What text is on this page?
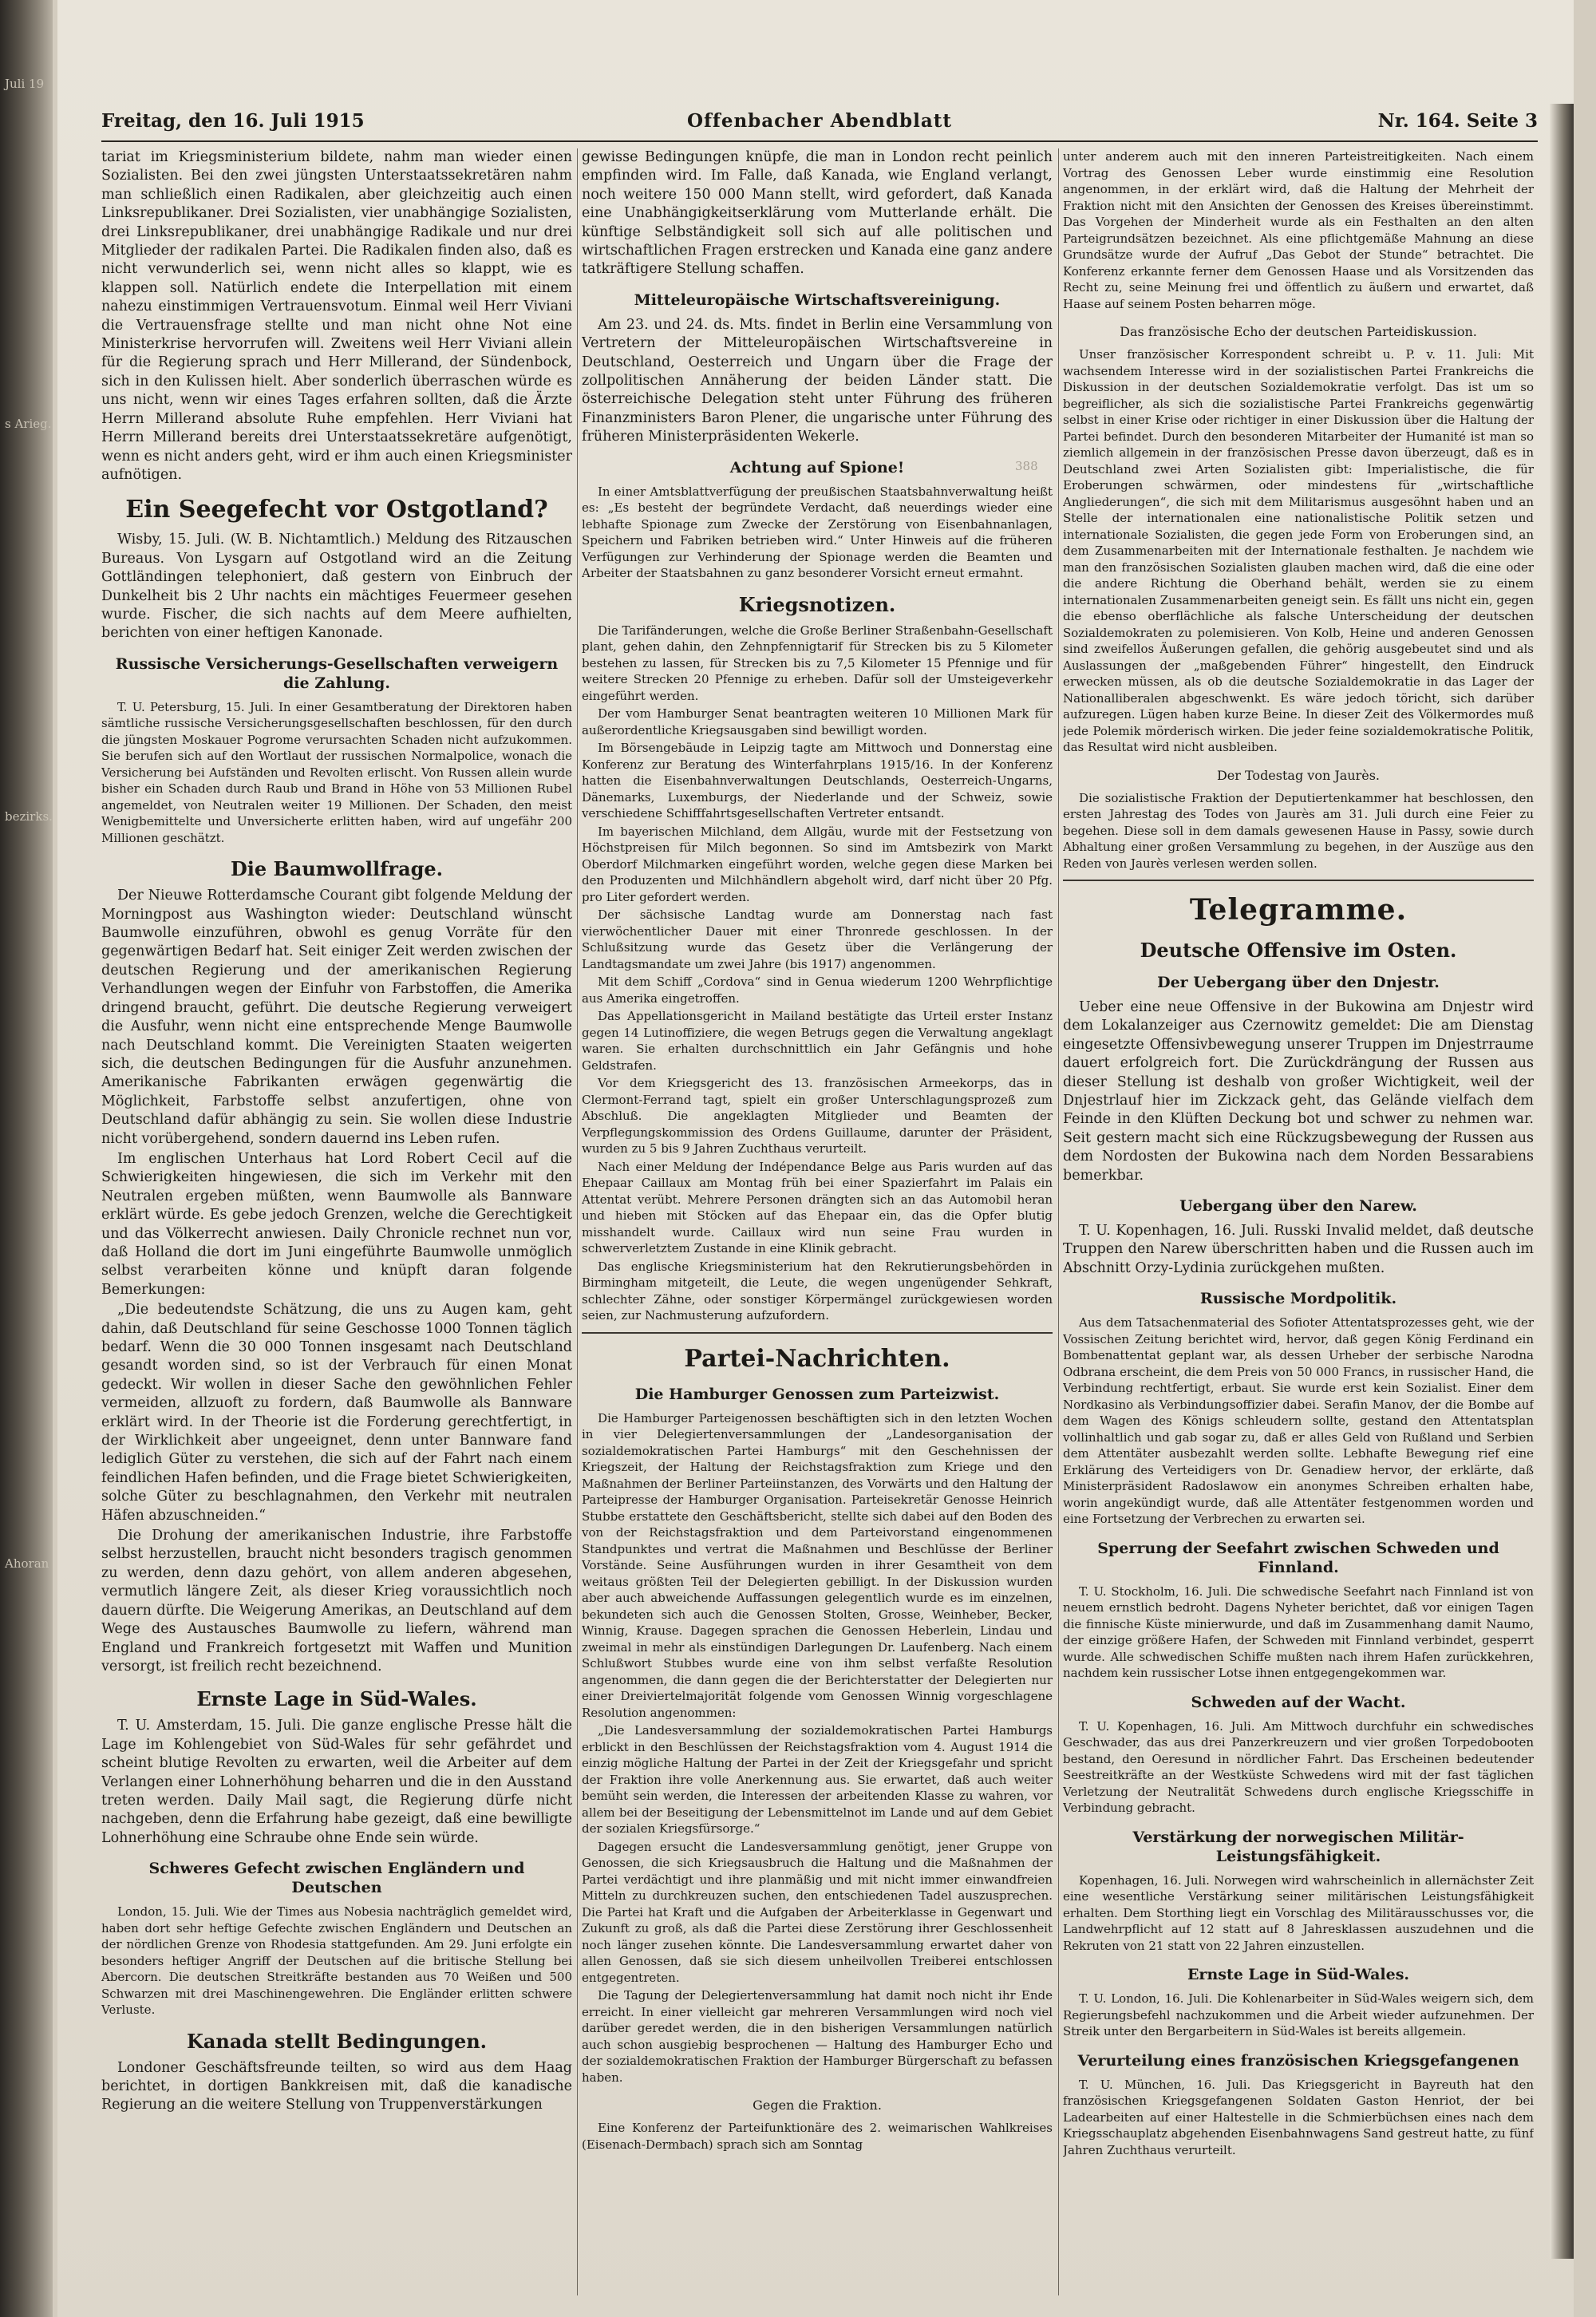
Juli 19
s Arieg.
bezirks.
Ahoran
Freitag, den 16. Juli 1915	Offenbacher Abendblatt	Nr. 164. Seite 3
388

tariat im Kriegsministerium bildete, nahm man wieder einen Sozialisten. Bei den zwei jüngsten Unterstaatssekretären nahm man schließlich einen Radikalen, aber gleichzeitig auch einen Linksrepublikaner. Drei Sozialisten, vier unabhängige Sozialisten, drei Linksrepublikaner, drei unabhängige Radikale und nur drei Mitglieder der radikalen Partei. Die Radikalen finden also, daß es nicht verwunderlich sei, wenn nicht alles so klappt, wie es klappen soll. Natürlich endete die Interpellation mit einem nahezu einstimmigen Vertrauensvotum. Einmal weil Herr Viviani die Vertrauensfrage stellte und man nicht ohne Not eine Ministerkrise hervorrufen will. Zweitens weil Herr Viviani allein für die Regierung sprach und Herr Millerand, der Sündenbock, sich in den Kulissen hielt. Aber sonderlich überraschen würde es uns nicht, wenn wir eines Tages erfahren sollten, daß die Ärzte Herrn Millerand absolute Ruhe empfehlen. Herr Viviani hat Herrn Millerand bereits drei Unterstaatssekretäre aufgenötigt, wenn es nicht anders geht, wird er ihm auch einen Kriegsminister aufnötigen.

Ein Seegefecht vor Ostgotland?

Wisby, 15. Juli. (W. B. Nichtamtlich.) Meldung des Ritzauschen Bureaus. Von Lysgarn auf Ostgotland wird an die Zeitung Gottländingen telephoniert, daß gestern von Einbruch der Dunkelheit bis 2 Uhr nachts ein mächtiges Feuermeer gesehen wurde. Fischer, die sich nachts auf dem Meere aufhielten, berichten von einer heftigen Kanonade.

Russische Versicherungs-Gesellschaften verweigern die Zahlung.

T. U. Petersburg, 15. Juli. In einer Gesamtberatung der Direktoren haben sämtliche russische Versicherungsgesellschaften beschlossen, für den durch die jüngsten Moskauer Pogrome verursachten Schaden nicht aufzukommen. Sie berufen sich auf den Wortlaut der russischen Normalpolice, wonach die Versicherung bei Aufständen und Revolten erlischt. Von Russen allein wurde bisher ein Schaden durch Raub und Brand in Höhe von 53 Millionen Rubel angemeldet, von Neutralen weiter 19 Millionen. Der Schaden, den meist Wenigbemittelte und Unversicherte erlitten haben, wird auf ungefähr 200 Millionen geschätzt.

Die Baumwollfrage.

Der Nieuwe Rotterdamsche Courant gibt folgende Meldung der Morningpost aus Washington wieder: Deutschland wünscht Baumwolle einzuführen, obwohl es genug Vorräte für den gegenwärtigen Bedarf hat. Seit einiger Zeit werden zwischen der deutschen Regierung und der amerikanischen Regierung Verhandlungen wegen der Einfuhr von Farbstoffen, die Amerika dringend braucht, geführt. Die deutsche Regierung verweigert die Ausfuhr, wenn nicht eine entsprechende Menge Baumwolle nach Deutschland kommt. Die Vereinigten Staaten weigerten sich, die deutschen Bedingungen für die Ausfuhr anzunehmen. Amerikanische Fabrikanten erwägen gegenwärtig die Möglichkeit, Farbstoffe selbst anzufertigen, ohne von Deutschland dafür abhängig zu sein. Sie wollen diese Industrie nicht vorübergehend, sondern dauernd ins Leben rufen.

Im englischen Unterhaus hat Lord Robert Cecil auf die Schwierigkeiten hingewiesen, die sich im Verkehr mit den Neutralen ergeben müßten, wenn Baumwolle als Bannware erklärt würde. Es gebe jedoch Grenzen, welche die Gerechtigkeit und das Völkerrecht anwiesen. Daily Chronicle rechnet nun vor, daß Holland die dort im Juni eingeführte Baumwolle unmöglich selbst verarbeiten könne und knüpft daran folgende Bemerkungen:

„Die bedeutendste Schätzung, die uns zu Augen kam, geht dahin, daß Deutschland für seine Geschosse 1000 Tonnen täglich bedarf. Wenn die 30 000 Tonnen insgesamt nach Deutschland gesandt worden sind, so ist der Verbrauch für einen Monat gedeckt. Wir wollen in dieser Sache den gewöhnlichen Fehler vermeiden, allzuoft zu fordern, daß Baumwolle als Bannware erklärt wird. In der Theorie ist die Forderung gerechtfertigt, in der Wirklichkeit aber ungeeignet, denn unter Bannware fand lediglich Güter zu verstehen, die sich auf der Fahrt nach einem feindlichen Hafen befinden, und die Frage bietet Schwierigkeiten, solche Güter zu beschlagnahmen, den Verkehr mit neutralen Häfen abzuschneiden.“

Die Drohung der amerikanischen Industrie, ihre Farbstoffe selbst herzustellen, braucht nicht besonders tragisch genommen zu werden, denn dazu gehört, von allem anderen abgesehen, vermutlich längere Zeit, als dieser Krieg voraussichtlich noch dauern dürfte. Die Weigerung Amerikas, an Deutschland auf dem Wege des Austausches Baumwolle zu liefern, während man England und Frankreich fortgesetzt mit Waffen und Munition versorgt, ist freilich recht bezeichnend.

Ernste Lage in Süd-Wales.

T. U. Amsterdam, 15. Juli. Die ganze englische Presse hält die Lage im Kohlengebiet von Süd-Wales für sehr gefährdet und scheint blutige Revolten zu erwarten, weil die Arbeiter auf dem Verlangen einer Lohnerhöhung beharren und die in den Ausstand treten werden. Daily Mail sagt, die Regierung dürfe nicht nachgeben, denn die Erfahrung habe gezeigt, daß eine bewilligte Lohnerhöhung eine Schraube ohne Ende sein würde.

Schweres Gefecht zwischen Engländern und Deutschen

London, 15. Juli. Wie der Times aus Nobesia nachträglich gemeldet wird, haben dort sehr heftige Gefechte zwischen Engländern und Deutschen an der nördlichen Grenze von Rhodesia stattgefunden. Am 29. Juni erfolgte ein besonders heftiger Angriff der Deutschen auf die britische Stellung bei Abercorn. Die deutschen Streitkräfte bestanden aus 70 Weißen und 500 Schwarzen mit drei Maschinengewehren. Die Engländer erlitten schwere Verluste.

Kanada stellt Bedingungen.

Londoner Geschäftsfreunde teilten, so wird aus dem Haag berichtet, in dortigen Bankkreisen mit, daß die kanadische Regierung an die weitere Stellung von Truppenverstärkungen

gewisse Bedingungen knüpfe, die man in London recht peinlich empfinden wird. Im Falle, daß Kanada, wie England verlangt, noch weitere 150 000 Mann stellt, wird gefordert, daß Kanada eine Unabhängigkeitserklärung vom Mutterlande erhält. Die künftige Selbständigkeit soll sich auf alle politischen und wirtschaftlichen Fragen erstrecken und Kanada eine ganz andere tatkräftigere Stellung schaffen.

Mitteleuropäische Wirtschaftsvereinigung.

Am 23. und 24. ds. Mts. findet in Berlin eine Versammlung von Vertretern der Mitteleuropäischen Wirtschaftsvereine in Deutschland, Oesterreich und Ungarn über die Frage der zollpolitischen Annäherung der beiden Länder statt. Die österreichische Delegation steht unter Führung des früheren Finanzministers Baron Plener, die ungarische unter Führung des früheren Ministerpräsidenten Wekerle.

Achtung auf Spione!

In einer Amtsblattverfügung der preußischen Staatsbahnverwaltung heißt es: „Es besteht der begründete Verdacht, daß neuerdings wieder eine lebhafte Spionage zum Zwecke der Zerstörung von Eisenbahnanlagen, Speichern und Fabriken betrieben wird.“ Unter Hinweis auf die früheren Verfügungen zur Verhinderung der Spionage werden die Beamten und Arbeiter der Staatsbahnen zu ganz besonderer Vorsicht erneut ermahnt.

Kriegsnotizen.

Die Tarifänderungen, welche die Große Berliner Straßenbahn-Gesellschaft plant, gehen dahin, den Zehnpfennigtarif für Strecken bis zu 5 Kilometer bestehen zu lassen, für Strecken bis zu 7,5 Kilometer 15 Pfennige und für weitere Strecken 20 Pfennige zu erheben. Dafür soll der Umsteigeverkehr eingeführt werden.

Der vom Hamburger Senat beantragten weiteren 10 Millionen Mark für außerordentliche Kriegsausgaben sind bewilligt worden.

Im Börsengebäude in Leipzig tagte am Mittwoch und Donnerstag eine Konferenz zur Beratung des Winterfahrplans 1915/16. In der Konferenz hatten die Eisenbahnverwaltungen Deutschlands, Oesterreich-Ungarns, Dänemarks, Luxemburgs, der Niederlande und der Schweiz, sowie verschiedene Schifffahrtsgesellschaften Vertreter entsandt.

Im bayerischen Milchland, dem Allgäu, wurde mit der Festsetzung von Höchstpreisen für Milch begonnen. So sind im Amtsbezirk von Markt Oberdorf Milchmarken eingeführt worden, welche gegen diese Marken bei den Produzenten und Milchhändlern abgeholt wird, darf nicht über 20 Pfg. pro Liter gefordert werden.

Der sächsische Landtag wurde am Donnerstag nach fast vierwöchentlicher Dauer mit einer Thronrede geschlossen. In der Schlußsitzung wurde das Gesetz über die Verlängerung der Landtagsmandate um zwei Jahre (bis 1917) angenommen.

Mit dem Schiff „Cordova“ sind in Genua wiederum 1200 Wehrpflichtige aus Amerika eingetroffen.

Das Appellationsgericht in Mailand bestätigte das Urteil erster Instanz gegen 14 Lutinoffiziere, die wegen Betrugs gegen die Verwaltung angeklagt waren. Sie erhalten durchschnittlich ein Jahr Gefängnis und hohe Geldstrafen.

Vor dem Kriegsgericht des 13. französischen Armeekorps, das in Clermont-Ferrand tagt, spielt ein großer Unterschlagungsprozeß zum Abschluß. Die angeklagten Mitglieder und Beamten der Verpflegungskommission des Ordens Guillaume, darunter der Präsident, wurden zu 5 bis 9 Jahren Zuchthaus verurteilt.

Nach einer Meldung der Indépendance Belge aus Paris wurden auf das Ehepaar Caillaux am Montag früh bei einer Spazierfahrt im Palais ein Attentat verübt. Mehrere Personen drängten sich an das Automobil heran und hieben mit Stöcken auf das Ehepaar ein, das die Opfer blutig misshandelt wurde. Caillaux wird nun seine Frau wurden in schwerverletztem Zustande in eine Klinik gebracht.

Das englische Kriegsministerium hat den Rekrutierungsbehörden in Birmingham mitgeteilt, die Leute, die wegen ungenügender Sehkraft, schlechter Zähne, oder sonstiger Körpermängel zurückgewiesen worden seien, zur Nachmusterung aufzufordern.

Partei-Nachrichten.
Die Hamburger Genossen zum Parteizwist.

Die Hamburger Parteigenossen beschäftigten sich in den letzten Wochen in vier Delegiertenversammlungen der „Landesorganisation der sozialdemokratischen Partei Hamburgs“ mit den Geschehnissen der Kriegszeit, der Haltung der Reichstagsfraktion zum Kriege und den Maßnahmen der Berliner Parteiinstanzen, des Vorwärts und den Haltung der Parteipresse der Hamburger Organisation. Parteisekretär Genosse Heinrich Stubbe erstattete den Geschäftsbericht, stellte sich dabei auf den Boden des von der Reichstagsfraktion und dem Parteivorstand eingenommenen Standpunktes und vertrat die Maßnahmen und Beschlüsse der Berliner Vorstände. Seine Ausführungen wurden in ihrer Gesamtheit von dem weitaus größten Teil der Delegierten gebilligt. In der Diskussion wurden aber auch abweichende Auffassungen gelegentlich wurde es im einzelnen, bekundeten sich auch die Genossen Stolten, Grosse, Weinheber, Becker, Winnig, Krause. Dagegen sprachen die Genossen Heberlein, Lindau und zweimal in mehr als einstündigen Darlegungen Dr. Laufenberg. Nach einem Schlußwort Stubbes wurde eine von ihm selbst verfaßte Resolution angenommen, die dann gegen die der Berichterstatter der Delegierten nur einer Dreiviertelmajorität folgende vom Genossen Winnig vorgeschlagene Resolution angenommen:

„Die Landesversammlung der sozialdemokratischen Partei Hamburgs erblickt in den Beschlüssen der Reichstagsfraktion vom 4. August 1914 die einzig mögliche Haltung der Partei in der Zeit der Kriegsgefahr und spricht der Fraktion ihre volle Anerkennung aus. Sie erwartet, daß auch weiter bemüht sein werden, die Interessen der arbeitenden Klasse zu wahren, vor allem bei der Beseitigung der Lebensmittelnot im Lande und auf dem Gebiet der sozialen Kriegsfürsorge.“

Dagegen ersucht die Landesversammlung genötigt, jener Gruppe von Genossen, die sich Kriegsausbruch die Haltung und die Maßnahmen der Partei verdächtigt und ihre planmäßig und mit nicht immer einwandfreien Mitteln zu durchkreuzen suchen, den entschiedenen Tadel auszusprechen. Die Partei hat Kraft und die Aufgaben der Arbeiterklasse in Gegenwart und Zukunft zu groß, als daß die Partei diese Zerstörung ihrer Geschlossenheit noch länger zusehen könnte. Die Landesversammlung erwartet daher von allen Genossen, daß sie sich diesem unheilvollen Treiberei entschlossen entgegentreten.

Die Tagung der Delegiertenversammlung hat damit noch nicht ihr Ende erreicht. In einer vielleicht gar mehreren Versammlungen wird noch viel darüber geredet werden, die in den bisherigen Versammlungen natürlich auch schon ausgiebig besprochenen — Haltung des Hamburger Echo und der sozialdemokratischen Fraktion der Hamburger Bürgerschaft zu befassen haben.

Gegen die Fraktion.

Eine Konferenz der Parteifunktionäre des 2. weimarischen Wahlkreises (Eisenach-Dermbach) sprach sich am Sonntag

unter anderem auch mit den inneren Parteistreitigkeiten. Nach einem Vortrag des Genossen Leber wurde einstimmig eine Resolution angenommen, in der erklärt wird, daß die Haltung der Mehrheit der Fraktion nicht mit den Ansichten der Genossen des Kreises übereinstimmt. Das Vorgehen der Minderheit wurde als ein Festhalten an den alten Parteigrundsätzen bezeichnet. Als eine pflichtgemäße Mahnung an diese Grundsätze wurde der Aufruf „Das Gebot der Stunde“ betrachtet. Die Konferenz erkannte ferner dem Genossen Haase und als Vorsitzenden das Recht zu, seine Meinung frei und öffentlich zu äußern und erwartet, daß Haase auf seinem Posten beharren möge.

Das französische Echo der deutschen Parteidiskussion.

Unser französischer Korrespondent schreibt u. P. v. 11. Juli: Mit wachsendem Interesse wird in der sozialistischen Partei Frankreichs die Diskussion in der deutschen Sozialdemokratie verfolgt. Das ist um so begreiflicher, als sich die sozialistische Partei Frankreichs gegenwärtig selbst in einer Krise oder richtiger in einer Diskussion über die Haltung der Partei befindet. Durch den besonderen Mitarbeiter der Humanité ist man so ziemlich allgemein in der französischen Presse davon überzeugt, daß es in Deutschland zwei Arten Sozialisten gibt: Imperialistische, die für Eroberungen schwärmen, oder mindestens für „wirtschaftliche Angliederungen“, die sich mit dem Militarismus ausgesöhnt haben und an Stelle der internationalen eine nationalistische Politik setzen und internationale Sozialisten, die gegen jede Form von Eroberungen sind, an dem Zusammenarbeiten mit der Internationale festhalten. Je nachdem wie man den französischen Sozialisten glauben machen wird, daß die eine oder die andere Richtung die Oberhand behält, werden sie zu einem internationalen Zusammenarbeiten geneigt sein. Es fällt uns nicht ein, gegen die ebenso oberflächliche als falsche Unterscheidung der deutschen Sozialdemokraten zu polemisieren. Von Kolb, Heine und anderen Genossen sind zweifellos Äußerungen gefallen, die gehörig ausgebeutet sind und als Auslassungen der „maßgebenden Führer“ hingestellt, den Eindruck erwecken müssen, als ob die deutsche Sozialdemokratie in das Lager der Nationalliberalen abgeschwenkt. Es wäre jedoch töricht, sich darüber aufzuregen. Lügen haben kurze Beine. In dieser Zeit des Völkermordes muß jede Polemik mörderisch wirken. Die jeder feine sozialdemokratische Politik, das Resultat wird nicht ausbleiben.

Der Todestag von Jaurès.

Die sozialistische Fraktion der Deputiertenkammer hat beschlossen, den ersten Jahrestag des Todes von Jaurès am 31. Juli durch eine Feier zu begehen. Diese soll in dem damals gewesenen Hause in Passy, sowie durch Abhaltung einer großen Versammlung zu begehen, in der Auszüge aus den Reden von Jaurès verlesen werden sollen.

Telegramme.
Deutsche Offensive im Osten.
Der Uebergang über den Dnjestr.

Ueber eine neue Offensive in der Bukowina am Dnjestr wird dem Lokalanzeiger aus Czernowitz gemeldet: Die am Dienstag eingesetzte Offensivbewegung unserer Truppen im Dnjestrraume dauert erfolgreich fort. Die Zurückdrängung der Russen aus dieser Stellung ist deshalb von großer Wichtigkeit, weil der Dnjestrlauf hier im Zickzack geht, das Gelände vielfach dem Feinde in den Klüften Deckung bot und schwer zu nehmen war. Seit gestern macht sich eine Rückzugsbewegung der Russen aus dem Nordosten der Bukowina nach dem Norden Bessarabiens bemerkbar.

Uebergang über den Narew.

T. U. Kopenhagen, 16. Juli. Russki Invalid meldet, daß deutsche Truppen den Narew überschritten haben und die Russen auch im Abschnitt Orzy-Lydinia zurückgehen mußten.

Russische Mordpolitik.

Aus dem Tatsachenmaterial des Sofioter Attentatsprozesses geht, wie der Vossischen Zeitung berichtet wird, hervor, daß gegen König Ferdinand ein Bombenattentat geplant war, als dessen Urheber der serbische Narodna Odbrana erscheint, die dem Preis von 50 000 Francs, in russischer Hand, die Verbindung rechtfertigt, erbaut. Sie wurde erst kein Sozialist. Einer dem Nordkasino als Verbindungsoffizier dabei. Serafin Manov, der die Bombe auf dem Wagen des Königs schleudern sollte, gestand den Attentatsplan vollinhaltlich und gab sogar zu, daß er alles Geld von Rußland und Serbien dem Attentäter ausbezahlt werden sollte. Lebhafte Bewegung rief eine Erklärung des Verteidigers von Dr. Genadiew hervor, der erklärte, daß Ministerpräsident Radoslawow ein anonymes Schreiben erhalten habe, worin angekündigt wurde, daß alle Attentäter festgenommen worden und eine Fortsetzung der Verbrechen zu erwarten sei.

Sperrung der Seefahrt zwischen Schweden und Finnland.

T. U. Stockholm, 16. Juli. Die schwedische Seefahrt nach Finnland ist von neuem ernstlich bedroht. Dagens Nyheter berichtet, daß vor einigen Tagen die finnische Küste minierwurde, und daß im Zusammenhang damit Naumo, der einzige größere Hafen, der Schweden mit Finnland verbindet, gesperrt wurde. Alle schwedischen Schiffe mußten nach ihrem Hafen zurückkehren, nachdem kein russischer Lotse ihnen entgegengekommen war.

Schweden auf der Wacht.

T. U. Kopenhagen, 16. Juli. Am Mittwoch durchfuhr ein schwedisches Geschwader, das aus drei Panzerkreuzern und vier großen Torpedobooten bestand, den Oeresund in nördlicher Fahrt. Das Erscheinen bedeutender Seestreitkräfte an der Westküste Schwedens wird mit der fast täglichen Verletzung der Neutralität Schwedens durch englische Kriegsschiffe in Verbindung gebracht.

Verstärkung der norwegischen Militär-Leistungsfähigkeit.

Kopenhagen, 16. Juli. Norwegen wird wahrscheinlich in allernächster Zeit eine wesentliche Verstärkung seiner militärischen Leistungsfähigkeit erhalten. Dem Storthing liegt ein Vorschlag des Militärausschusses vor, die Landwehrpflicht auf 12 statt auf 8 Jahresklassen auszudehnen und die Rekruten von 21 statt von 22 Jahren einzustellen.

Ernste Lage in Süd-Wales.

T. U. London, 16. Juli. Die Kohlenarbeiter in Süd-Wales weigern sich, dem Regierungsbefehl nachzukommen und die Arbeit wieder aufzunehmen. Der Streik unter den Bergarbeitern in Süd-Wales ist bereits allgemein.

Verurteilung eines französischen Kriegsgefangenen

T. U. München, 16. Juli. Das Kriegsgericht in Bayreuth hat den französischen Kriegsgefangenen Soldaten Gaston Henriot, der bei Ladearbeiten auf einer Haltestelle in die Schmierbüchsen eines nach dem Kriegsschauplatz abgehenden Eisenbahnwagens Sand gestreut hatte, zu fünf Jahren Zuchthaus verurteilt.
